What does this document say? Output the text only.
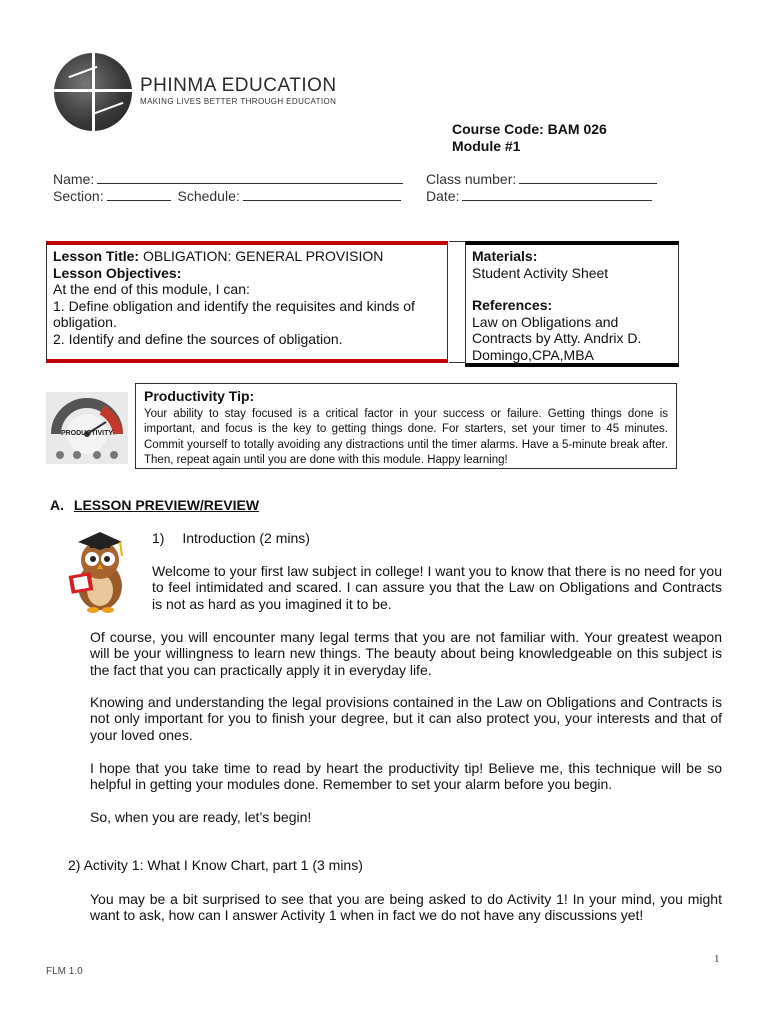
PHINMA EDUCATION
MAKING LIVES BETTER THROUGH EDUCATION
Course Code: BAM 026
Module #1
Name:
Section:	Schedule:
Class number:
Date:
Lesson Title: OBLIGATION: GENERAL PROVISION
Lesson Objectives:
At the end of this module, I can:
1. Define obligation and identify the requisites and kinds of obligation.
2. Identify and define the sources of obligation.
Materials:
Student Activity Sheet
References:
Law on Obligations and Contracts by Atty. Andrix D. Domingo,CPA,MBA
PRODUCTIVITY
Productivity Tip:
Your ability to stay focused is a critical factor in your success or failure. Getting things done is important, and focus is the key to getting things done. For starters, set your timer to 45 minutes. Commit yourself to totally avoiding any distractions until the timer alarms. Have a 5-minute break after. Then, repeat again until you are done with this module. Happy learning!
A. LESSON PREVIEW/REVIEW
1) Introduction (2 mins)
Welcome to your first law subject in college! I want you to know that there is no need for you to feel intimidated and scared. I can assure you that the Law on Obligations and Contracts is not as hard as you imagined it to be.
Of course, you will encounter many legal terms that you are not familiar with. Your greatest weapon will be your willingness to learn new things. The beauty about being knowledgeable on this subject is the fact that you can practically apply it in everyday life.
Knowing and understanding the legal provisions contained in the Law on Obligations and Contracts is not only important for you to finish your degree, but it can also protect you, your interests and that of your loved ones.
I hope that you take time to read by heart the productivity tip! Believe me, this technique will be so helpful in getting your modules done. Remember to set your alarm before you begin.
So, when you are ready, let’s begin!
2) Activity 1: What I Know Chart, part 1 (3 mins)
You may be a bit surprised to see that you are being asked to do Activity 1! In your mind, you might want to ask, how can I answer Activity 1 when in fact we do not have any discussions yet!
FLM 1.0
1
